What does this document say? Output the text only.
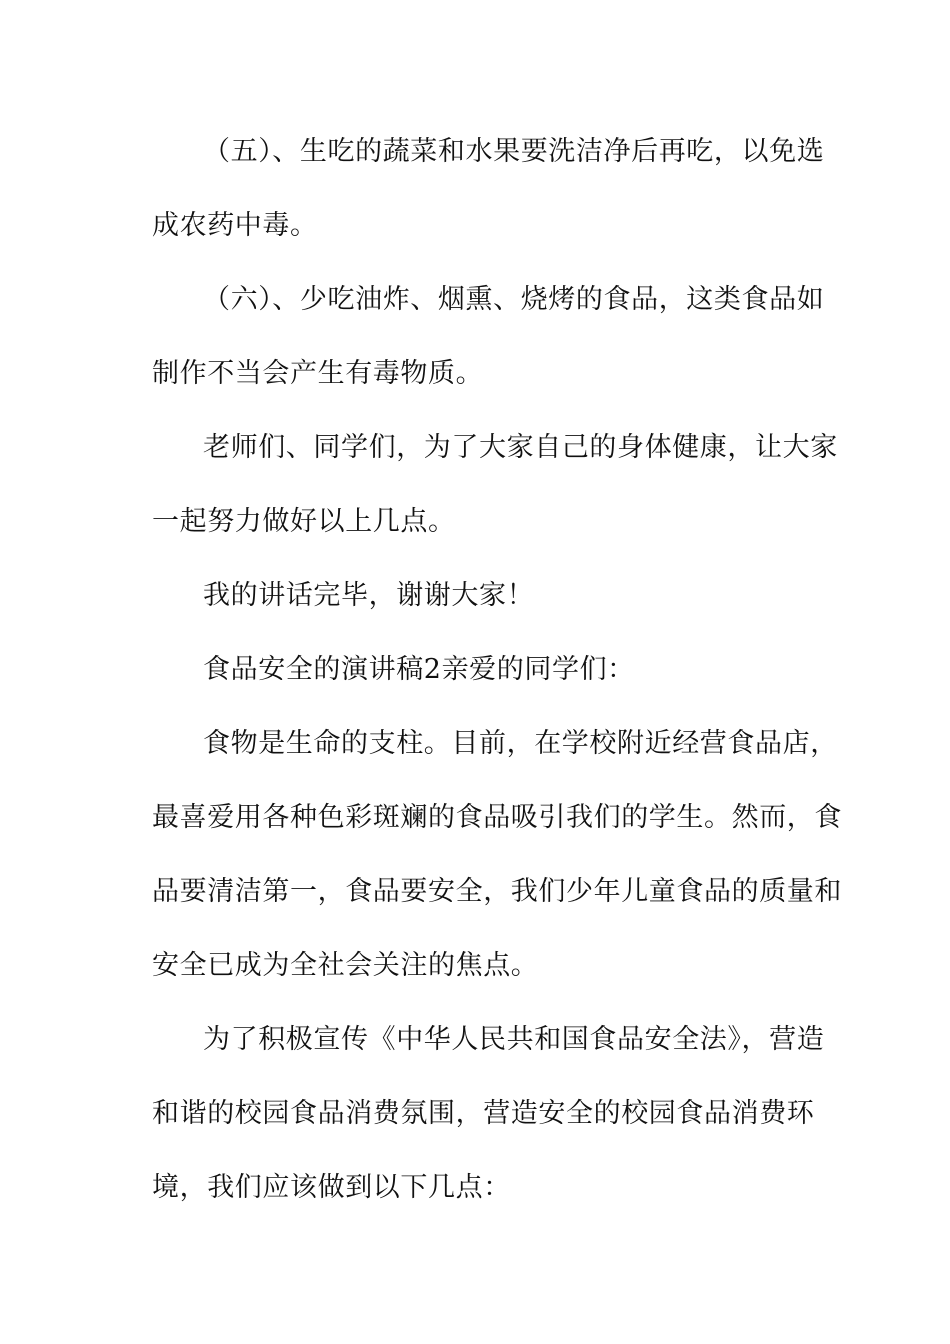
（五）、生吃的蔬菜和水果要洗洁净后再吃，以免选
成农药中毒。
（六）、少吃油炸、烟熏、烧烤的食品，这类食品如
制作不当会产生有毒物质。
老师们、同学们，为了大家自己的身体健康，让大家
一起努力做好以上几点。
我的讲话完毕，谢谢大家！
食品安全的演讲稿2亲爱的同学们：
食物是生命的支柱。目前，在学校附近经营食品店，
最喜爱用各种色彩斑斓的食品吸引我们的学生。然而，食
品要清洁第一，食品要安全，我们少年儿童食品的质量和
安全已成为全社会关注的焦点。
为了积极宣传《中华人民共和国食品安全法》，营造
和谐的校园食品消费氛围，营造安全的校园食品消费环
境，我们应该做到以下几点：
